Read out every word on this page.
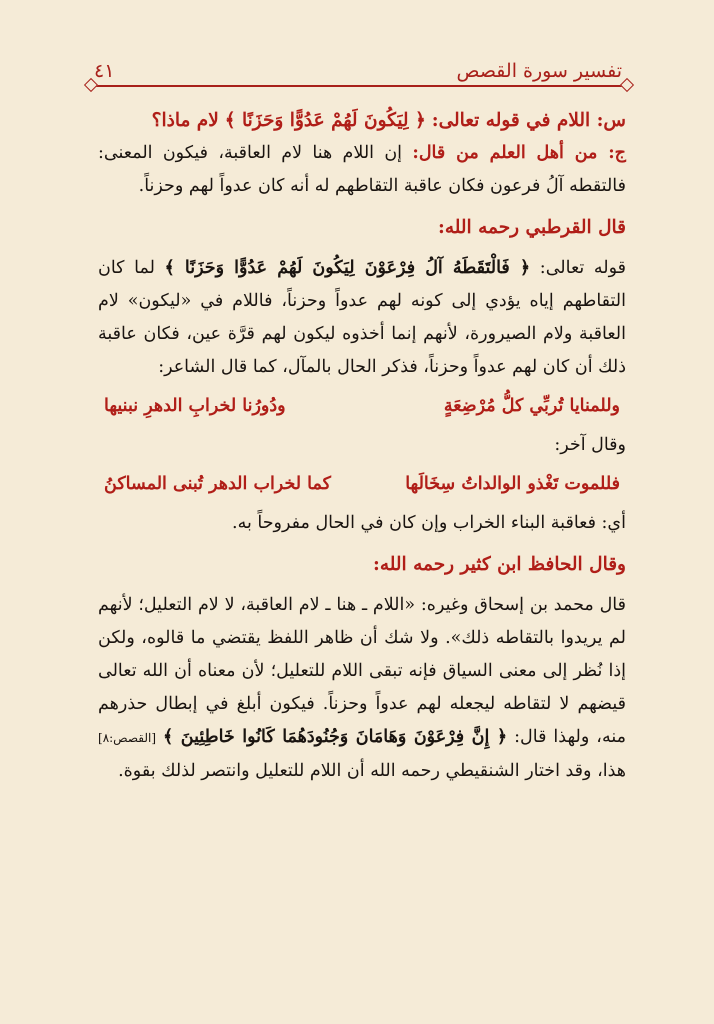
تفسير سورة القصص
٤١

س: اللام في قوله تعالى: ﴿ لِيَكُونَ لَهُمْ عَدُوًّا وَحَزَنًا ﴾ لام ماذا؟

ج: من أهل العلم من قال: إن اللام هنا لام العاقبة، فيكون المعنى: فالتقطه آلُ فرعون فكان عاقبة التقاطهم له أنه كان عدواً لهم وحزناً.

قال القرطبي رحمه الله:

قوله تعالى: ﴿ فَالْتَقَطَهُ آلُ فِرْعَوْنَ لِيَكُونَ لَهُمْ عَدُوًّا وَحَزَنًا ﴾ لما كان التقاطهم إياه يؤدي إلى كونه لهم عدواً وحزناً، فاللام في «ليكون» لام العاقبة ولام الصيرورة، لأنهم إنما أخذوه ليكون لهم قرَّة عين، فكان عاقبة ذلك أن كان لهم عدواً وحزناً، فذكر الحال بالمآل، كما قال الشاعر:

وللمنايا تُربِّي كلُّ مُرْضِعَةٍ
ودُورُنا لخرابِ الدهرِ نبنيها

وقال آخر:

فللموت تَغْذو الوالداتُ سِخَالَها
كما لخراب الدهر تُبنى المساكنُ

أي: فعاقبة البناء الخراب وإن كان في الحال مفروحاً به.

وقال الحافظ ابن كثير رحمه الله:

قال محمد بن إسحاق وغيره: «اللام ـ هنا ـ لام العاقبة، لا لام التعليل؛ لأنهم لم يريدوا بالتقاطه ذلك». ولا شك أن ظاهر اللفظ يقتضي ما قالوه، ولكن إذا نُظر إلى معنى السياق فإنه تبقى اللام للتعليل؛ لأن معناه أن الله تعالى قيضهم لا لتقاطه ليجعله لهم عدواً وحزناً. فيكون أبلغ في إبطال حذرهم منه، ولهذا قال: ﴿ إِنَّ فِرْعَوْنَ وَهَامَانَ وَجُنُودَهُمَا كَانُوا خَاطِئِينَ ﴾ [القصص:٨] هذا، وقد اختار الشنقيطي رحمه الله أن اللام للتعليل وانتصر لذلك بقوة.
